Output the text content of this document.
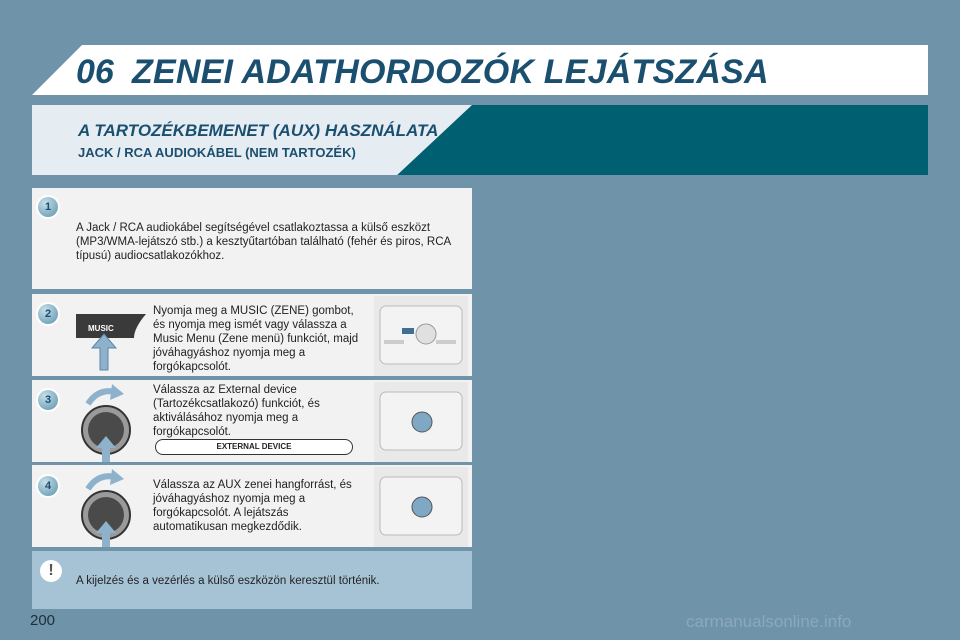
06 ZENEI ADATHORDOZÓK LEJÁTSZÁSA
A TARTOZÉKBEMENET (AUX) HASZNÁLATA
JACK / RCA AUDIOKÁBEL (NEM TARTOZÉK)
1
A Jack / RCA audiokábel segítségével csatlakoztassa a külső eszközt (MP3/WMA-lejátszó stb.) a kesztyűtartóban található (fehér és piros, RCA típusú) audiocsatlakozókhoz.
2
MUSIC
Nyomja meg a MUSIC (ZENE) gombot, és nyomja meg ismét vagy válassza a Music Menu (Zene menü) funkciót, majd jóváhagyáshoz nyomja meg a forgókapcsolót.
3
Válassza az External device (Tartozékcsatlakozó) funkciót, és aktiválásához nyomja meg a forgókapcsolót.
EXTERNAL DEVICE
4	Válassza az AUX zenei hangforrást, és jóváhagyáshoz nyomja meg a forgókapcsolót. A lejátszás automatikusan megkezdődik.
!
A kijelzés és a vezérlés a külső eszközön keresztül történik.
200	carmanualsonline.info
